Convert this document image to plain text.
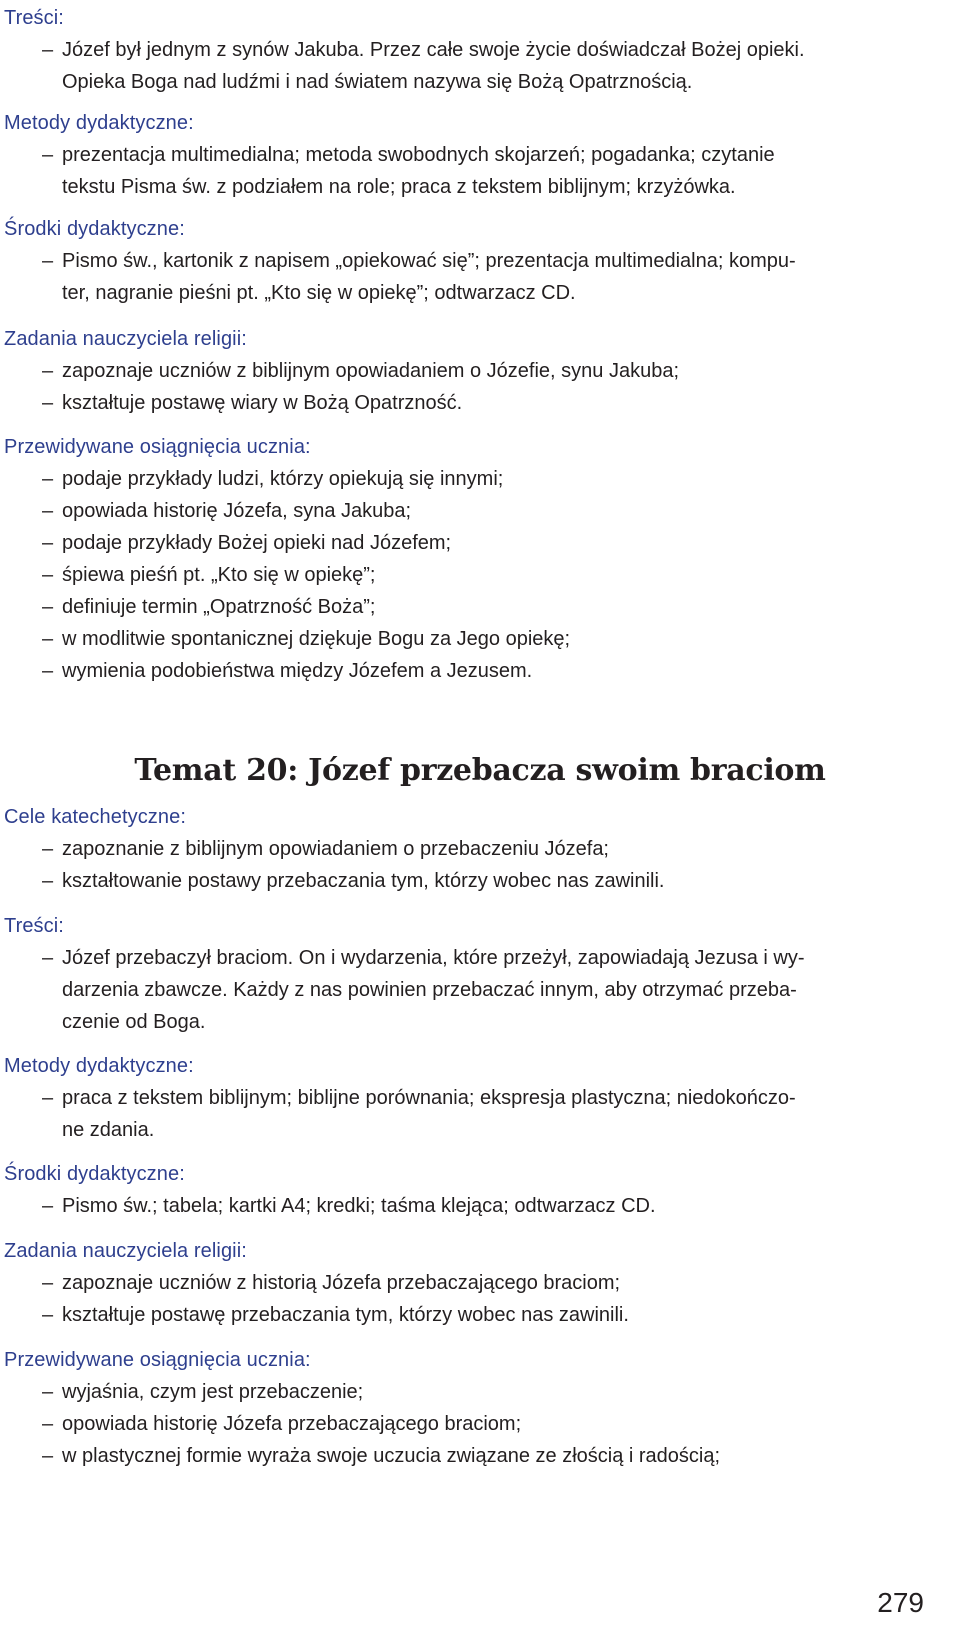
Treści:
– Józef był jednym z synów Jakuba. Przez całe swoje życie doświadczał Bożej opieki.
Opieka Boga nad ludźmi i nad światem nazywa się Bożą Opatrznością.
Metody dydaktyczne:
– prezentacja multimedialna; metoda swobodnych skojarzeń; pogadanka; czytanie
tekstu Pisma św. z podziałem na role; praca z tekstem biblijnym; krzyżówka.
Środki dydaktyczne:
– Pismo św., kartonik z napisem „opiekować się”; prezentacja multimedialna; kompu-
ter, nagranie pieśni pt. „Kto się w opiekę”; odtwarzacz CD.
Zadania nauczyciela religii:
– zapoznaje uczniów z biblijnym opowiadaniem o Józefie, synu Jakuba;
– kształtuje postawę wiary w Bożą Opatrzność.
Przewidywane osiągnięcia ucznia:
– podaje przykłady ludzi, którzy opiekują się innymi;
– opowiada historię Józefa, syna Jakuba;
– podaje przykłady Bożej opieki nad Józefem;
– śpiewa pieśń pt. „Kto się w opiekę”;
– definiuje termin „Opatrzność Boża”;
– w modlitwie spontanicznej dziękuje Bogu za Jego opiekę;
– wymienia podobieństwa między Józefem a Jezusem.
Temat 20: Józef przebacza swoim braciom
Cele katechetyczne:
– zapoznanie z biblijnym opowiadaniem o przebaczeniu Józefa;
– kształtowanie postawy przebaczania tym, którzy wobec nas zawinili.
Treści:
– Józef przebaczył braciom. On i wydarzenia, które przeżył, zapowiadają Jezusa i wy-
darzenia zbawcze. Każdy z nas powinien przebaczać innym, aby otrzymać przeba-
czenie od Boga.
Metody dydaktyczne:
– praca z tekstem biblijnym; biblijne porównania; ekspresja plastyczna; niedokończo-
ne zdania.
Środki dydaktyczne:
– Pismo św.; tabela; kartki A4; kredki; taśma klejąca; odtwarzacz CD.
Zadania nauczyciela religii:
– zapoznaje uczniów z historią Józefa przebaczającego braciom;
– kształtuje postawę przebaczania tym, którzy wobec nas zawinili.
Przewidywane osiągnięcia ucznia:
– wyjaśnia, czym jest przebaczenie;
– opowiada historię Józefa przebaczającego braciom;
– w plastycznej formie wyraża swoje uczucia związane ze złością i radością;
279
